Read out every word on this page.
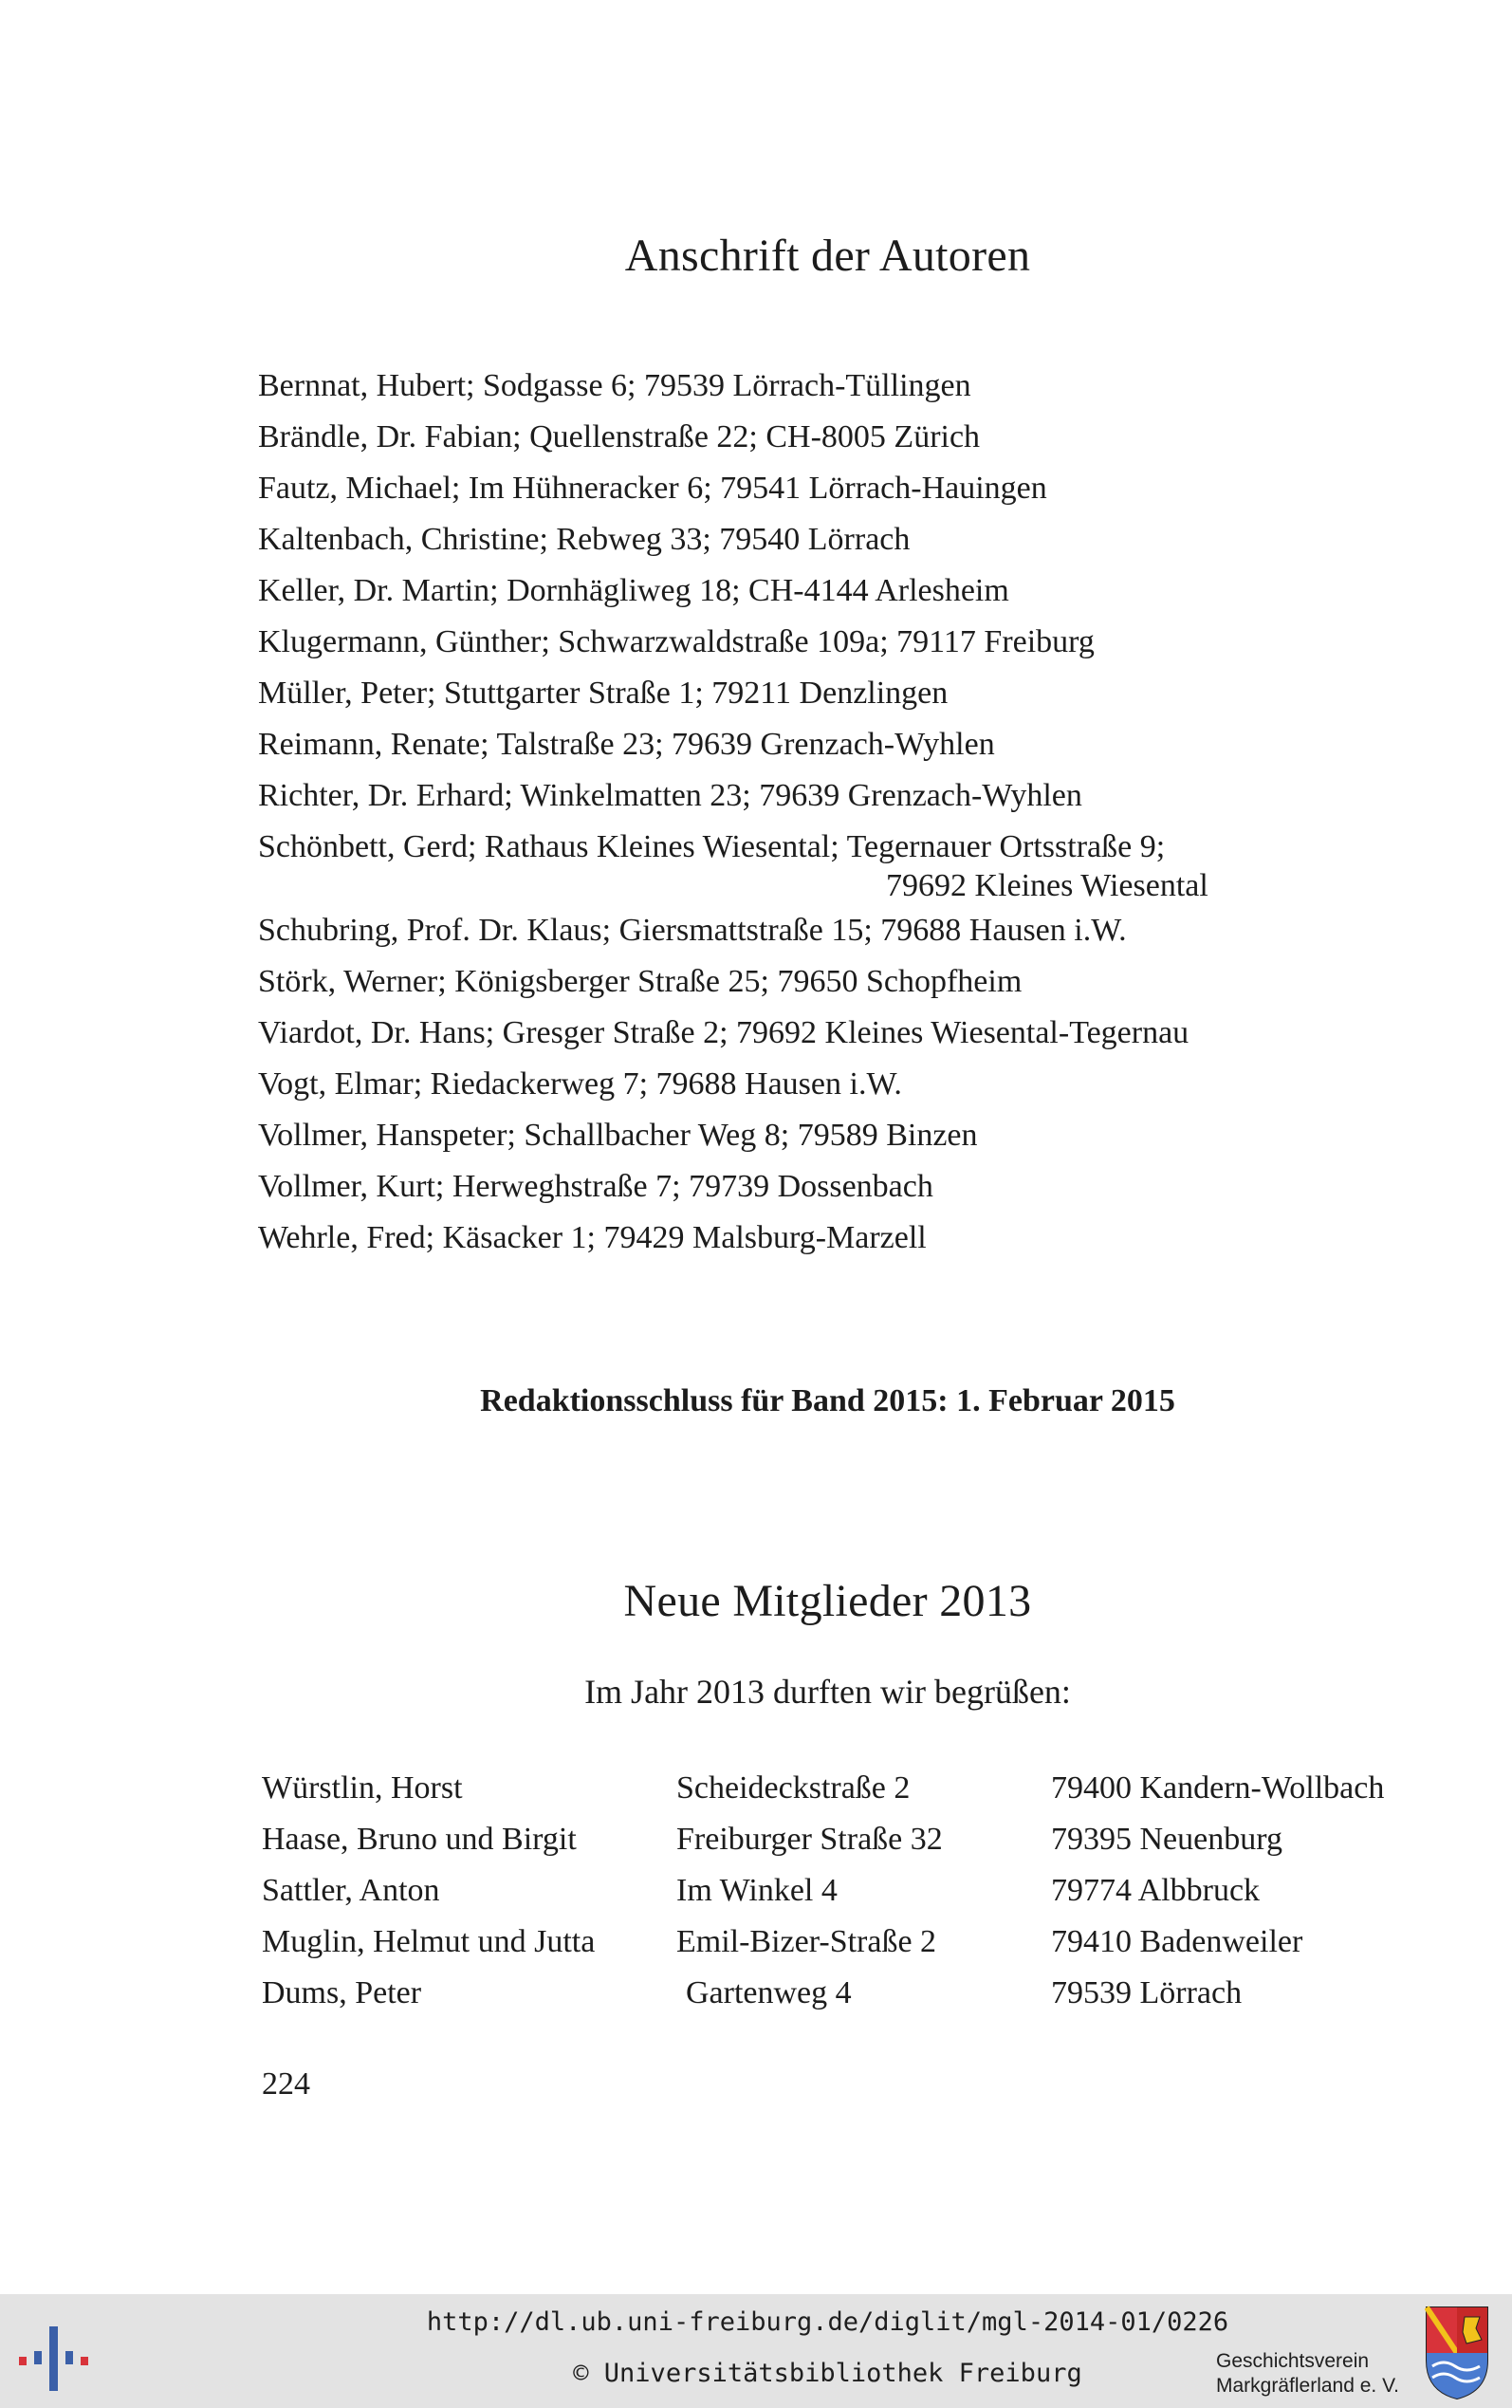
Anschrift der Autoren
Bernnat, Hubert; Sodgasse 6; 79539 Lörrach-Tüllingen
Brändle, Dr. Fabian; Quellenstraße 22; CH-8005 Zürich
Fautz, Michael; Im Hühneracker 6; 79541 Lörrach-Hauingen
Kaltenbach, Christine; Rebweg 33; 79540 Lörrach
Keller, Dr. Martin; Dornhägliweg 18; CH-4144 Arlesheim
Klugermann, Günther; Schwarzwaldstraße 109a; 79117 Freiburg
Müller, Peter; Stuttgarter Straße 1; 79211 Denzlingen
Reimann, Renate; Talstraße 23; 79639 Grenzach-Wyhlen
Richter, Dr. Erhard; Winkelmatten 23; 79639 Grenzach-Wyhlen
Schönbett, Gerd; Rathaus Kleines Wiesental; Tegernauer Ortsstraße 9;
79692 Kleines Wiesental
Schubring, Prof. Dr. Klaus; Giersmattstraße 15; 79688 Hausen i.W.
Störk, Werner; Königsberger Straße 25; 79650 Schopfheim
Viardot, Dr. Hans; Gresger Straße 2; 79692 Kleines Wiesental-Tegernau
Vogt, Elmar; Riedackerweg 7; 79688 Hausen i.W.
Vollmer, Hanspeter; Schallbacher Weg 8; 79589 Binzen
Vollmer, Kurt; Herweghstraße 7; 79739 Dossenbach
Wehrle, Fred; Käsacker 1; 79429 Malsburg-Marzell

Redaktionsschluss für Band 2015: 1. Februar 2015

Neue Mitglieder 2013

Im Jahr 2013 durften wir begrüßen:

Würstlin, Horst	Scheideckstraße 2	79400 Kandern-Wollbach
Haase, Bruno und Birgit	Freiburger Straße 32	79395 Neuenburg
Sattler, Anton	Im Winkel 4	79774 Albbruck
Muglin, Helmut und Jutta	Emil-Bizer-Straße 2	79410 Badenweiler
Dums, Peter	Gartenweg 4	79539 Lörrach

224

http://dl.ub.uni-freiburg.de/diglit/mgl-2014-01/0226
© Universitätsbibliothek Freiburg	Geschichtsverein
Markgräflerland e. V.
